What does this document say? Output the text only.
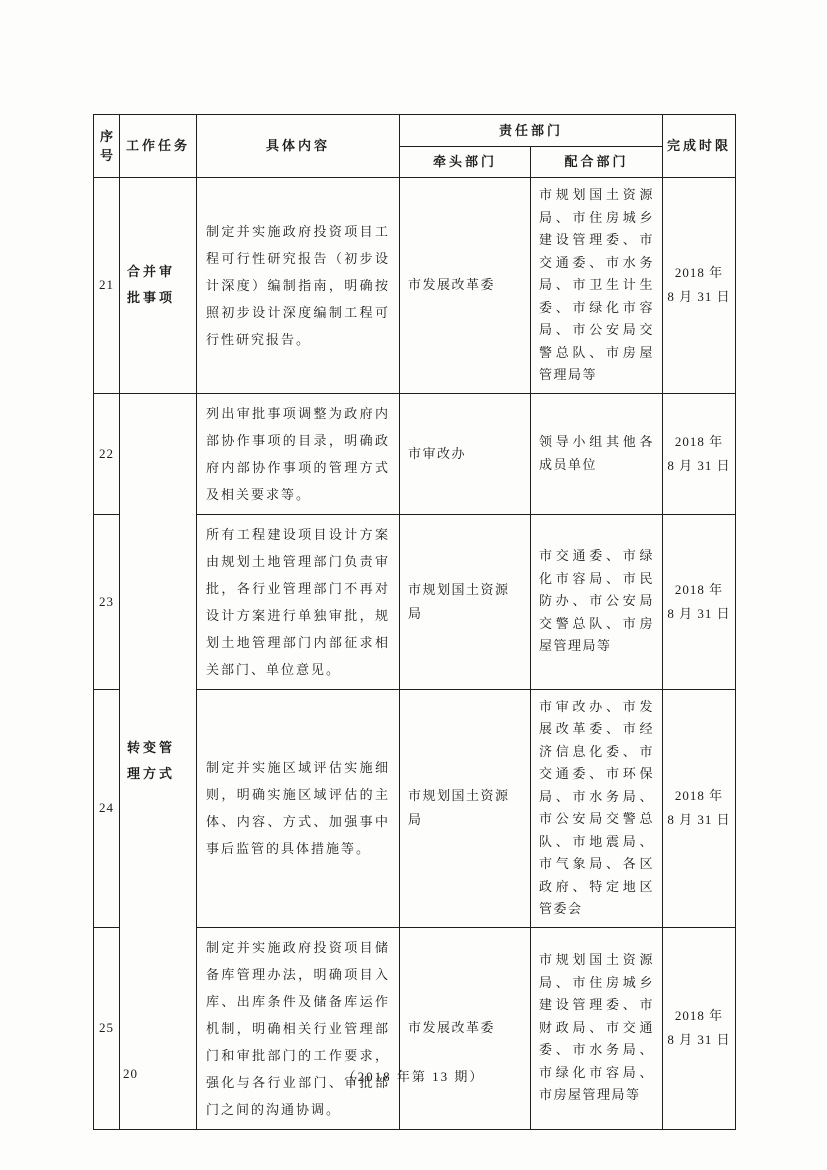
序号	工作任务	具体内容	责任部门		完成时限
			牵头部门	配合部门	
21	合并审批事项	制定并实施政府投资项目工程可行性研究报告（初步设计深度）编制指南，明确按照初步设计深度编制工程可行性研究报告。	市发展改革委	市规划国土资源局、市住房城乡建设管理委、市交通委、市水务局、市卫生计生委、市绿化市容局、市公安局交警总队、市房屋管理局等	2018 年
8 月 31 日

22	转变管理方式	列出审批事项调整为政府内部协作事项的目录，明确政府内部协作事项的管理方式及相关要求等。	市审改办	领导小组其他各成员单位	2018 年
8 月 31 日

23		所有工程建设项目设计方案由规划土地管理部门负责审批，各行业管理部门不再对设计方案进行单独审批，规划土地管理部门内部征求相关部门、单位意见。	市规划国土资源局	市交通委、市绿化市容局、市民防办、市公安局交警总队、市房屋管理局等	2018 年
8 月 31 日

24		制定并实施区域评估实施细则，明确实施区域评估的主体、内容、方式、加强事中事后监管的具体措施等。	市规划国土资源局	市审改办、市发展改革委、市经济信息化委、市交通委、市环保局、市水务局、市公安局交警总队、市地震局、市气象局、各区政府、特定地区管委会	2018 年
8 月 31 日

25		制定并实施政府投资项目储备库管理办法，明确项目入库、出库条件及储备库运作机制，明确相关行业管理部门和审批部门的工作要求，强化与各行业部门、审批部门之间的沟通协调。	市发展改革委	市规划国土资源局、市住房城乡建设管理委、市财政局、市交通委、市水务局、市绿化市容局、市房屋管理局等	2018 年
8 月 31 日
20	（2018 年第 13 期）
